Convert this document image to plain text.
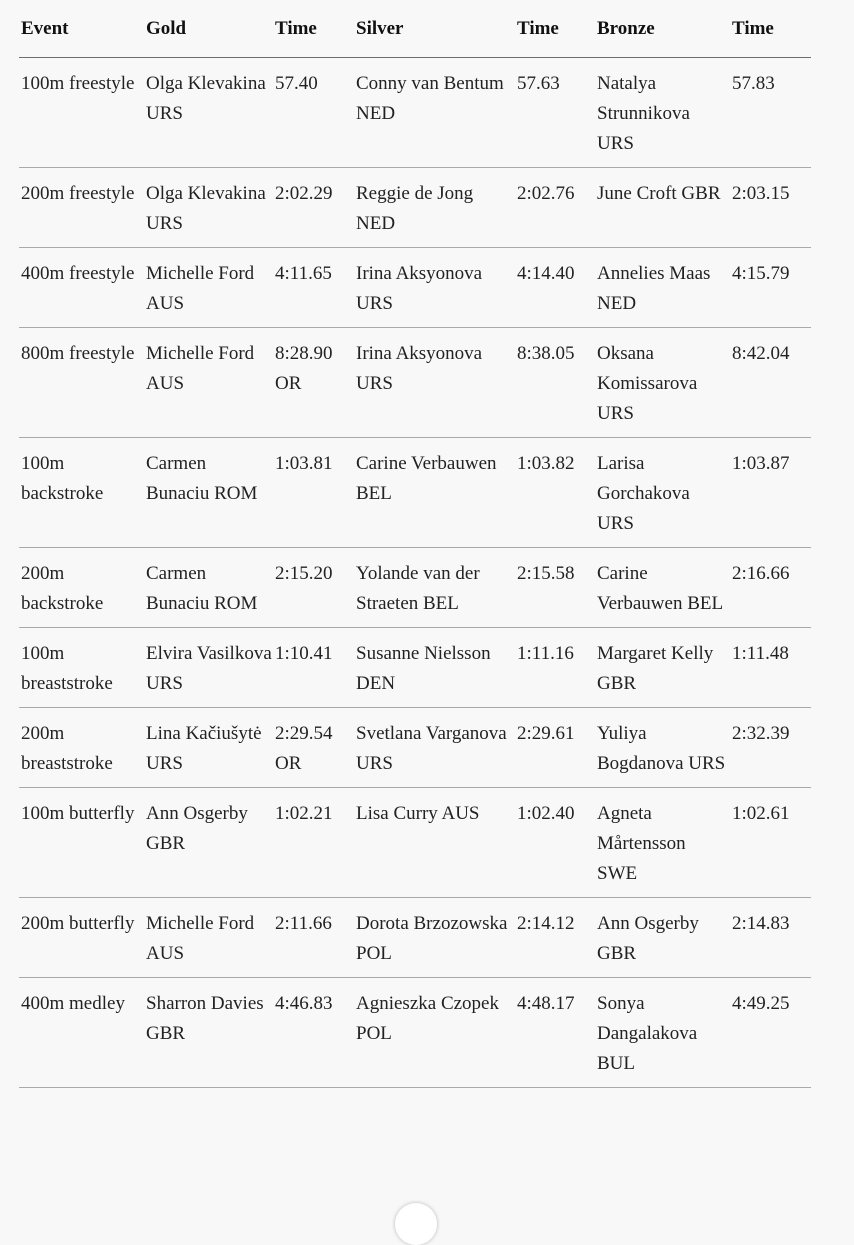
Event	Gold	Time	Silver	Time	Bronze	Time
100m freestyle	Olga Klevakina URS	57.40	Conny van Bentum NED	57.63	Natalya Strunnikova URS	57.83
200m freestyle	Olga Klevakina URS	2:02.29	Reggie de Jong NED	2:02.76	June Croft GBR	2:03.15
400m freestyle	Michelle Ford AUS	4:11.65	Irina Aksyonova URS	4:14.40	Annelies Maas NED	4:15.79
800m freestyle	Michelle Ford AUS	8:28.90 OR	Irina Aksyonova URS	8:38.05	Oksana Komissarova URS	8:42.04
100m backstroke	Carmen Bunaciu ROM	1:03.81	Carine Verbauwen BEL	1:03.82	Larisa Gorchakova URS	1:03.87
200m backstroke	Carmen Bunaciu ROM	2:15.20	Yolande van der Straeten BEL	2:15.58	Carine Verbauwen BEL	2:16.66
100m breaststroke	Elvira Vasilkova URS	1:10.41	Susanne Nielsson DEN	1:11.16	Margaret Kelly GBR	1:11.48
200m breaststroke	Lina Kačiušytė URS	2:29.54 OR	Svetlana Varganova URS	2:29.61	Yuliya Bogdanova URS	2:32.39
100m butterfly	Ann Osgerby GBR	1:02.21	Lisa Curry AUS	1:02.40	Agneta Mårtensson SWE	1:02.61
200m butterfly	Michelle Ford AUS	2:11.66	Dorota Brzozowska POL	2:14.12	Ann Osgerby GBR	2:14.83
400m medley	Sharron Davies GBR	4:46.83	Agnieszka Czopek POL	4:48.17	Sonya Dangalakova BUL	4:49.25
